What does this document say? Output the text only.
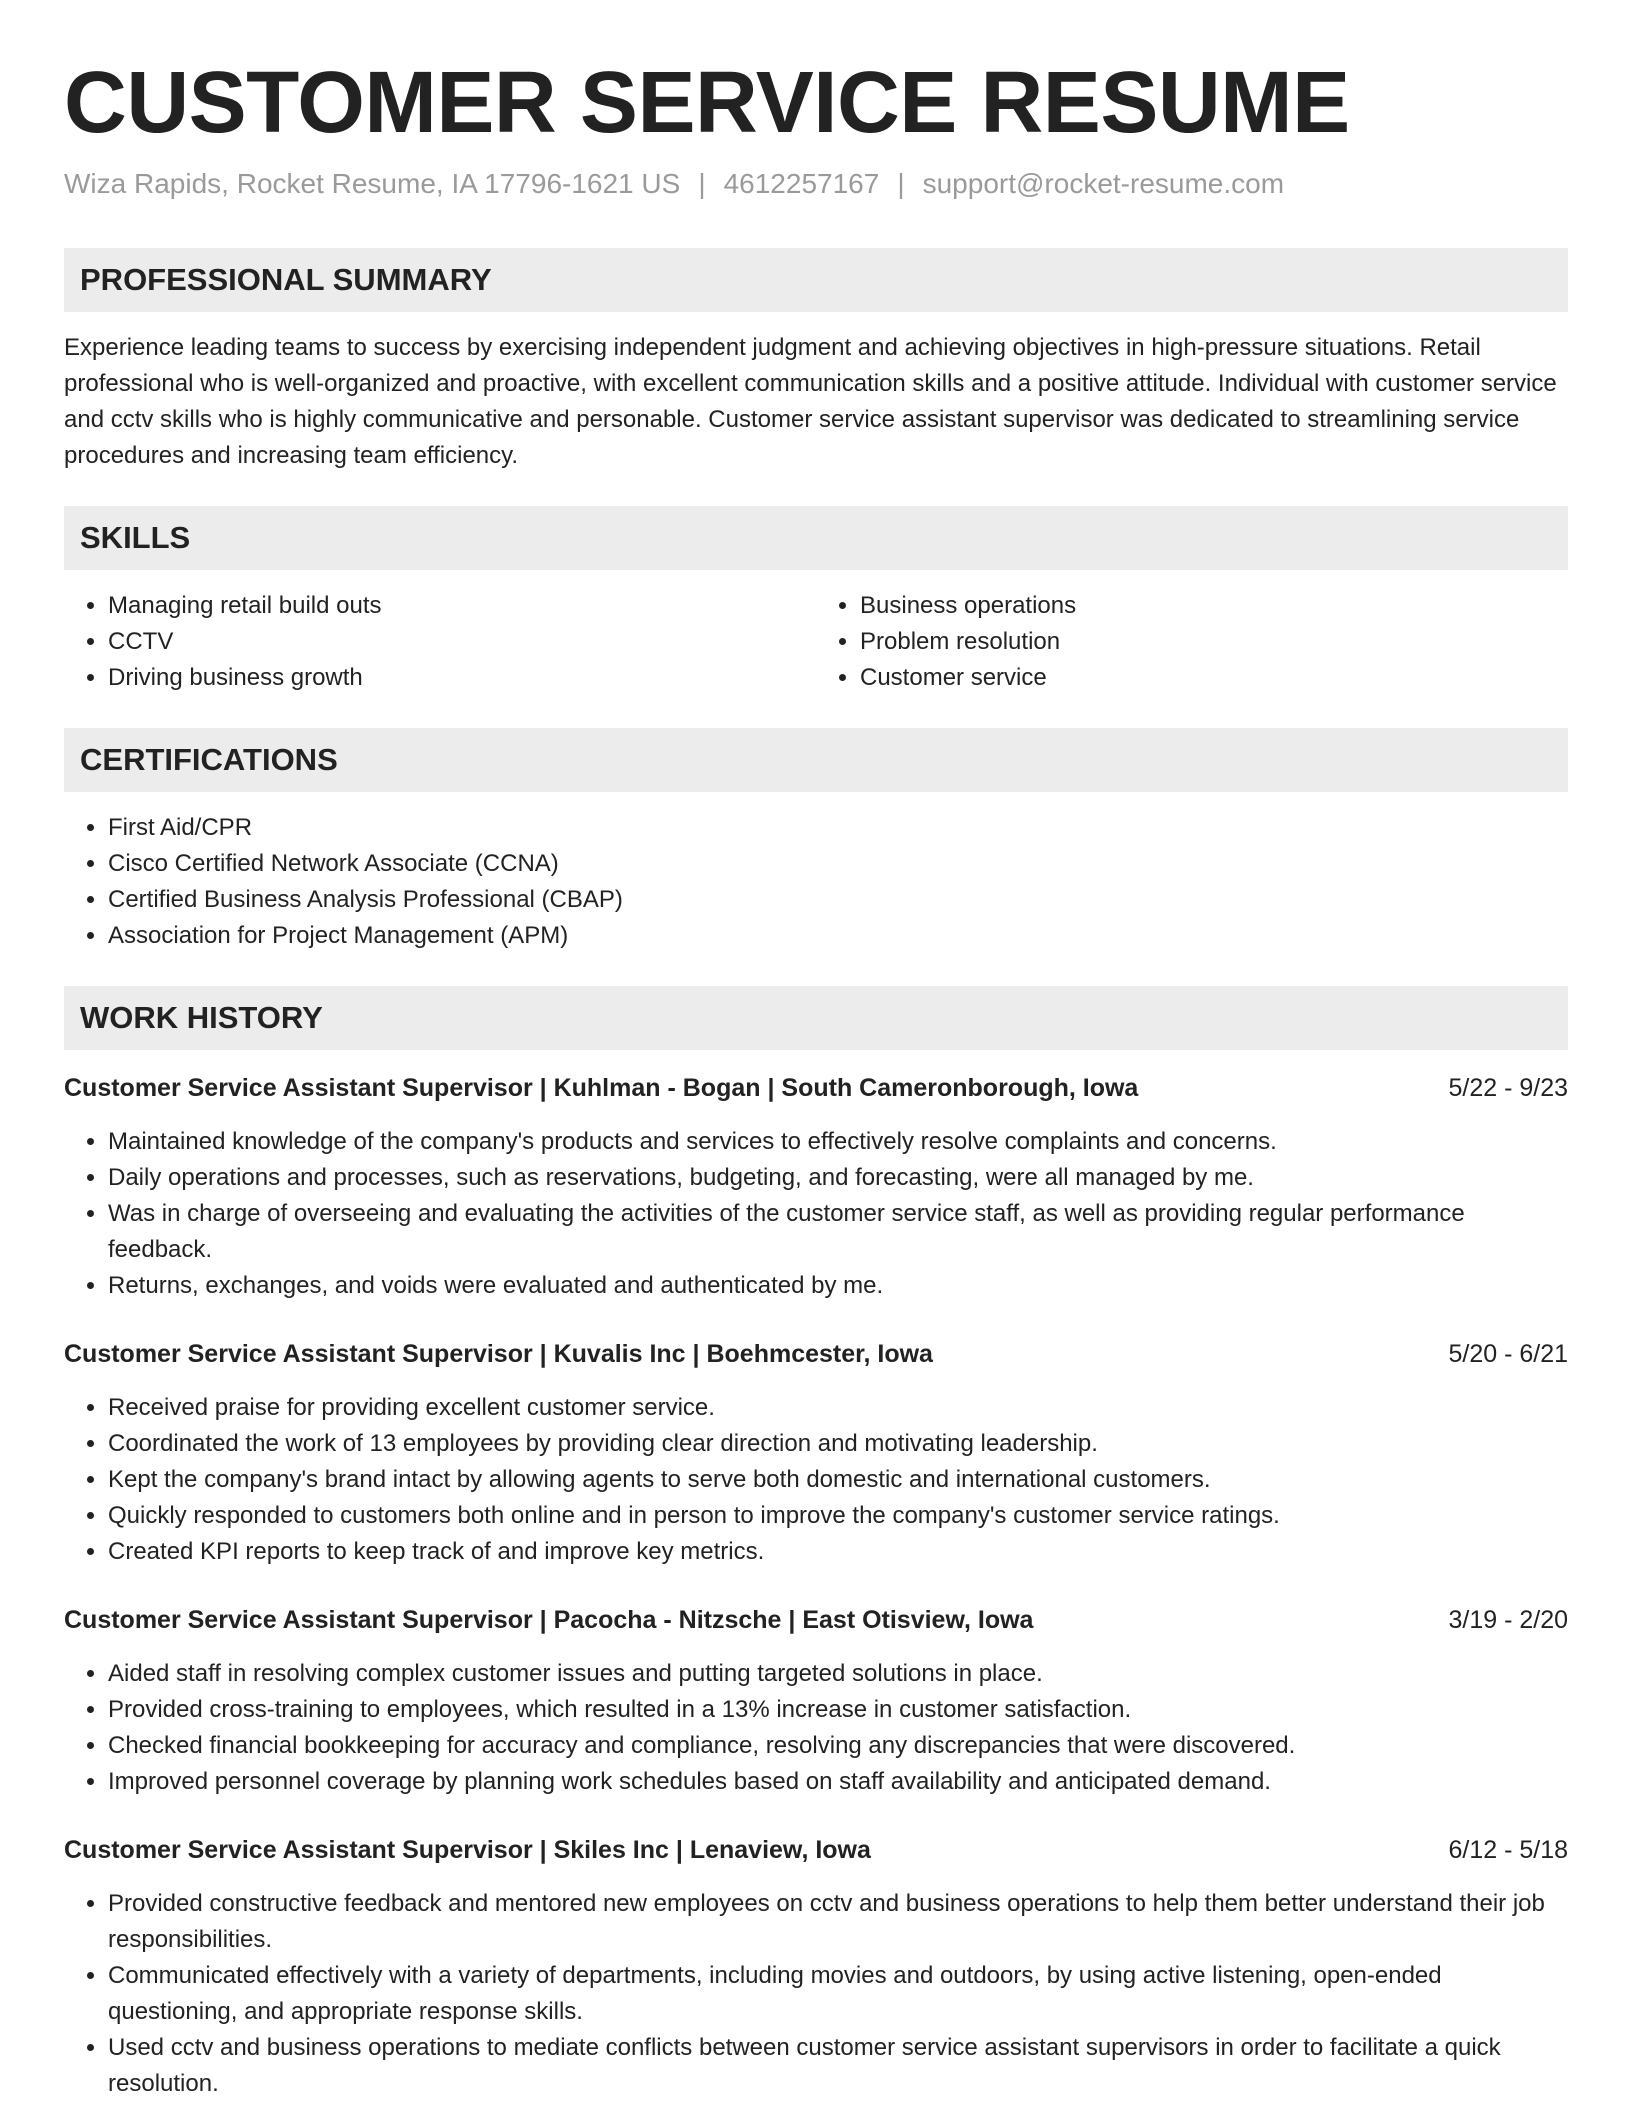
CUSTOMER SERVICE RESUME
Wiza Rapids, Rocket Resume, IA 17796-1621 US | 4612257167 | support@rocket-resume.com
PROFESSIONAL SUMMARY

Experience leading teams to success by exercising independent judgment and achieving objectives in high-pressure situations. Retail professional who is well-organized and proactive, with excellent communication skills and a positive attitude. Individual with customer service and cctv skills who is highly communicative and personable. Customer service assistant supervisor was dedicated to streamlining service procedures and increasing team efficiency.

SKILLS
• Managing retail build outs
• CCTV
• Driving business growth
• Business operations
• Problem resolution
• Customer service
CERTIFICATIONS
• First Aid/CPR
• Cisco Certified Network Associate (CCNA)
• Certified Business Analysis Professional (CBAP)
• Association for Project Management (APM)
WORK HISTORY
Customer Service Assistant Supervisor | Kuhlman - Bogan | South Cameronborough, Iowa	5/22 - 9/23
• Maintained knowledge of the company's products and services to effectively resolve complaints and concerns.
• Daily operations and processes, such as reservations, budgeting, and forecasting, were all managed by me.
• Was in charge of overseeing and evaluating the activities of the customer service staff, as well as providing regular performance feedback.
• Returns, exchanges, and voids were evaluated and authenticated by me.
Customer Service Assistant Supervisor | Kuvalis Inc | Boehmcester, Iowa	5/20 - 6/21
• Received praise for providing excellent customer service.
• Coordinated the work of 13 employees by providing clear direction and motivating leadership.
• Kept the company's brand intact by allowing agents to serve both domestic and international customers.
• Quickly responded to customers both online and in person to improve the company's customer service ratings.
• Created KPI reports to keep track of and improve key metrics.
Customer Service Assistant Supervisor | Pacocha - Nitzsche | East Otisview, Iowa	3/19 - 2/20
• Aided staff in resolving complex customer issues and putting targeted solutions in place.
• Provided cross-training to employees, which resulted in a 13% increase in customer satisfaction.
• Checked financial bookkeeping for accuracy and compliance, resolving any discrepancies that were discovered.
• Improved personnel coverage by planning work schedules based on staff availability and anticipated demand.
Customer Service Assistant Supervisor | Skiles Inc | Lenaview, Iowa	6/12 - 5/18
• Provided constructive feedback and mentored new employees on cctv and business operations to help them better understand their job responsibilities.
• Communicated effectively with a variety of departments, including movies and outdoors, by using active listening, open-ended questioning, and appropriate response skills.
• Used cctv and business operations to mediate conflicts between customer service assistant supervisors in order to facilitate a quick resolution.
